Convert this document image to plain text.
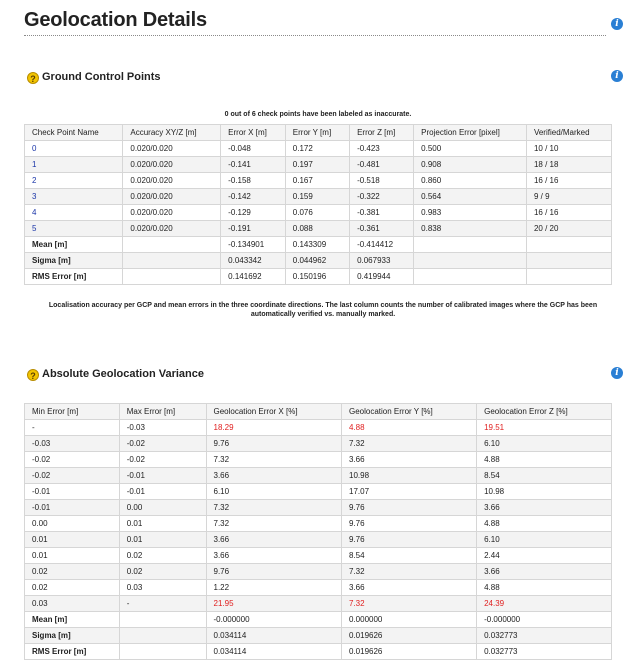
Geolocation Details	i
? Ground Control Points	i
0 out of 6 check points have been labeled as inaccurate.
Check Point Name	Accuracy XY/Z [m]	Error X [m]	Error Y [m]	Error Z [m]	Projection Error [pixel]	Verified/Marked
0	0.020/0.020	-0.048	0.172	-0.423	0.500	10 / 10
1	0.020/0.020	-0.141	0.197	-0.481	0.908	18 / 18
2	0.020/0.020	-0.158	0.167	-0.518	0.860	16 / 16
3	0.020/0.020	-0.142	0.159	-0.322	0.564	9 / 9
4	0.020/0.020	-0.129	0.076	-0.381	0.983	16 / 16
5	0.020/0.020	-0.191	0.088	-0.361	0.838	20 / 20
Mean [m]		-0.134901	0.143309	-0.414412		
Sigma [m]		0.043342	0.044962	0.067933		
RMS Error [m]		0.141692	0.150196	0.419944		
Localisation accuracy per GCP and mean errors in the three coordinate directions. The last column counts the number of calibrated images where the GCP has been automatically verified vs. manually marked.
? Absolute Geolocation Variance	i
Min Error [m]	Max Error [m]	Geolocation Error X [%]	Geolocation Error Y [%]	Geolocation Error Z [%]
-	-0.03	18.29	4.88	19.51
-0.03	-0.02	9.76	7.32	6.10
-0.02	-0.02	7.32	3.66	4.88
-0.02	-0.01	3.66	10.98	8.54
-0.01	-0.01	6.10	17.07	10.98
-0.01	0.00	7.32	9.76	3.66
0.00	0.01	7.32	9.76	4.88
0.01	0.01	3.66	9.76	6.10
0.01	0.02	3.66	8.54	2.44
0.02	0.02	9.76	7.32	3.66
0.02	0.03	1.22	3.66	4.88
0.03	-	21.95	7.32	24.39
Mean [m]		-0.000000	0.000000	-0.000000
Sigma [m]		0.034114	0.019626	0.032773
RMS Error [m]		0.034114	0.019626	0.032773
